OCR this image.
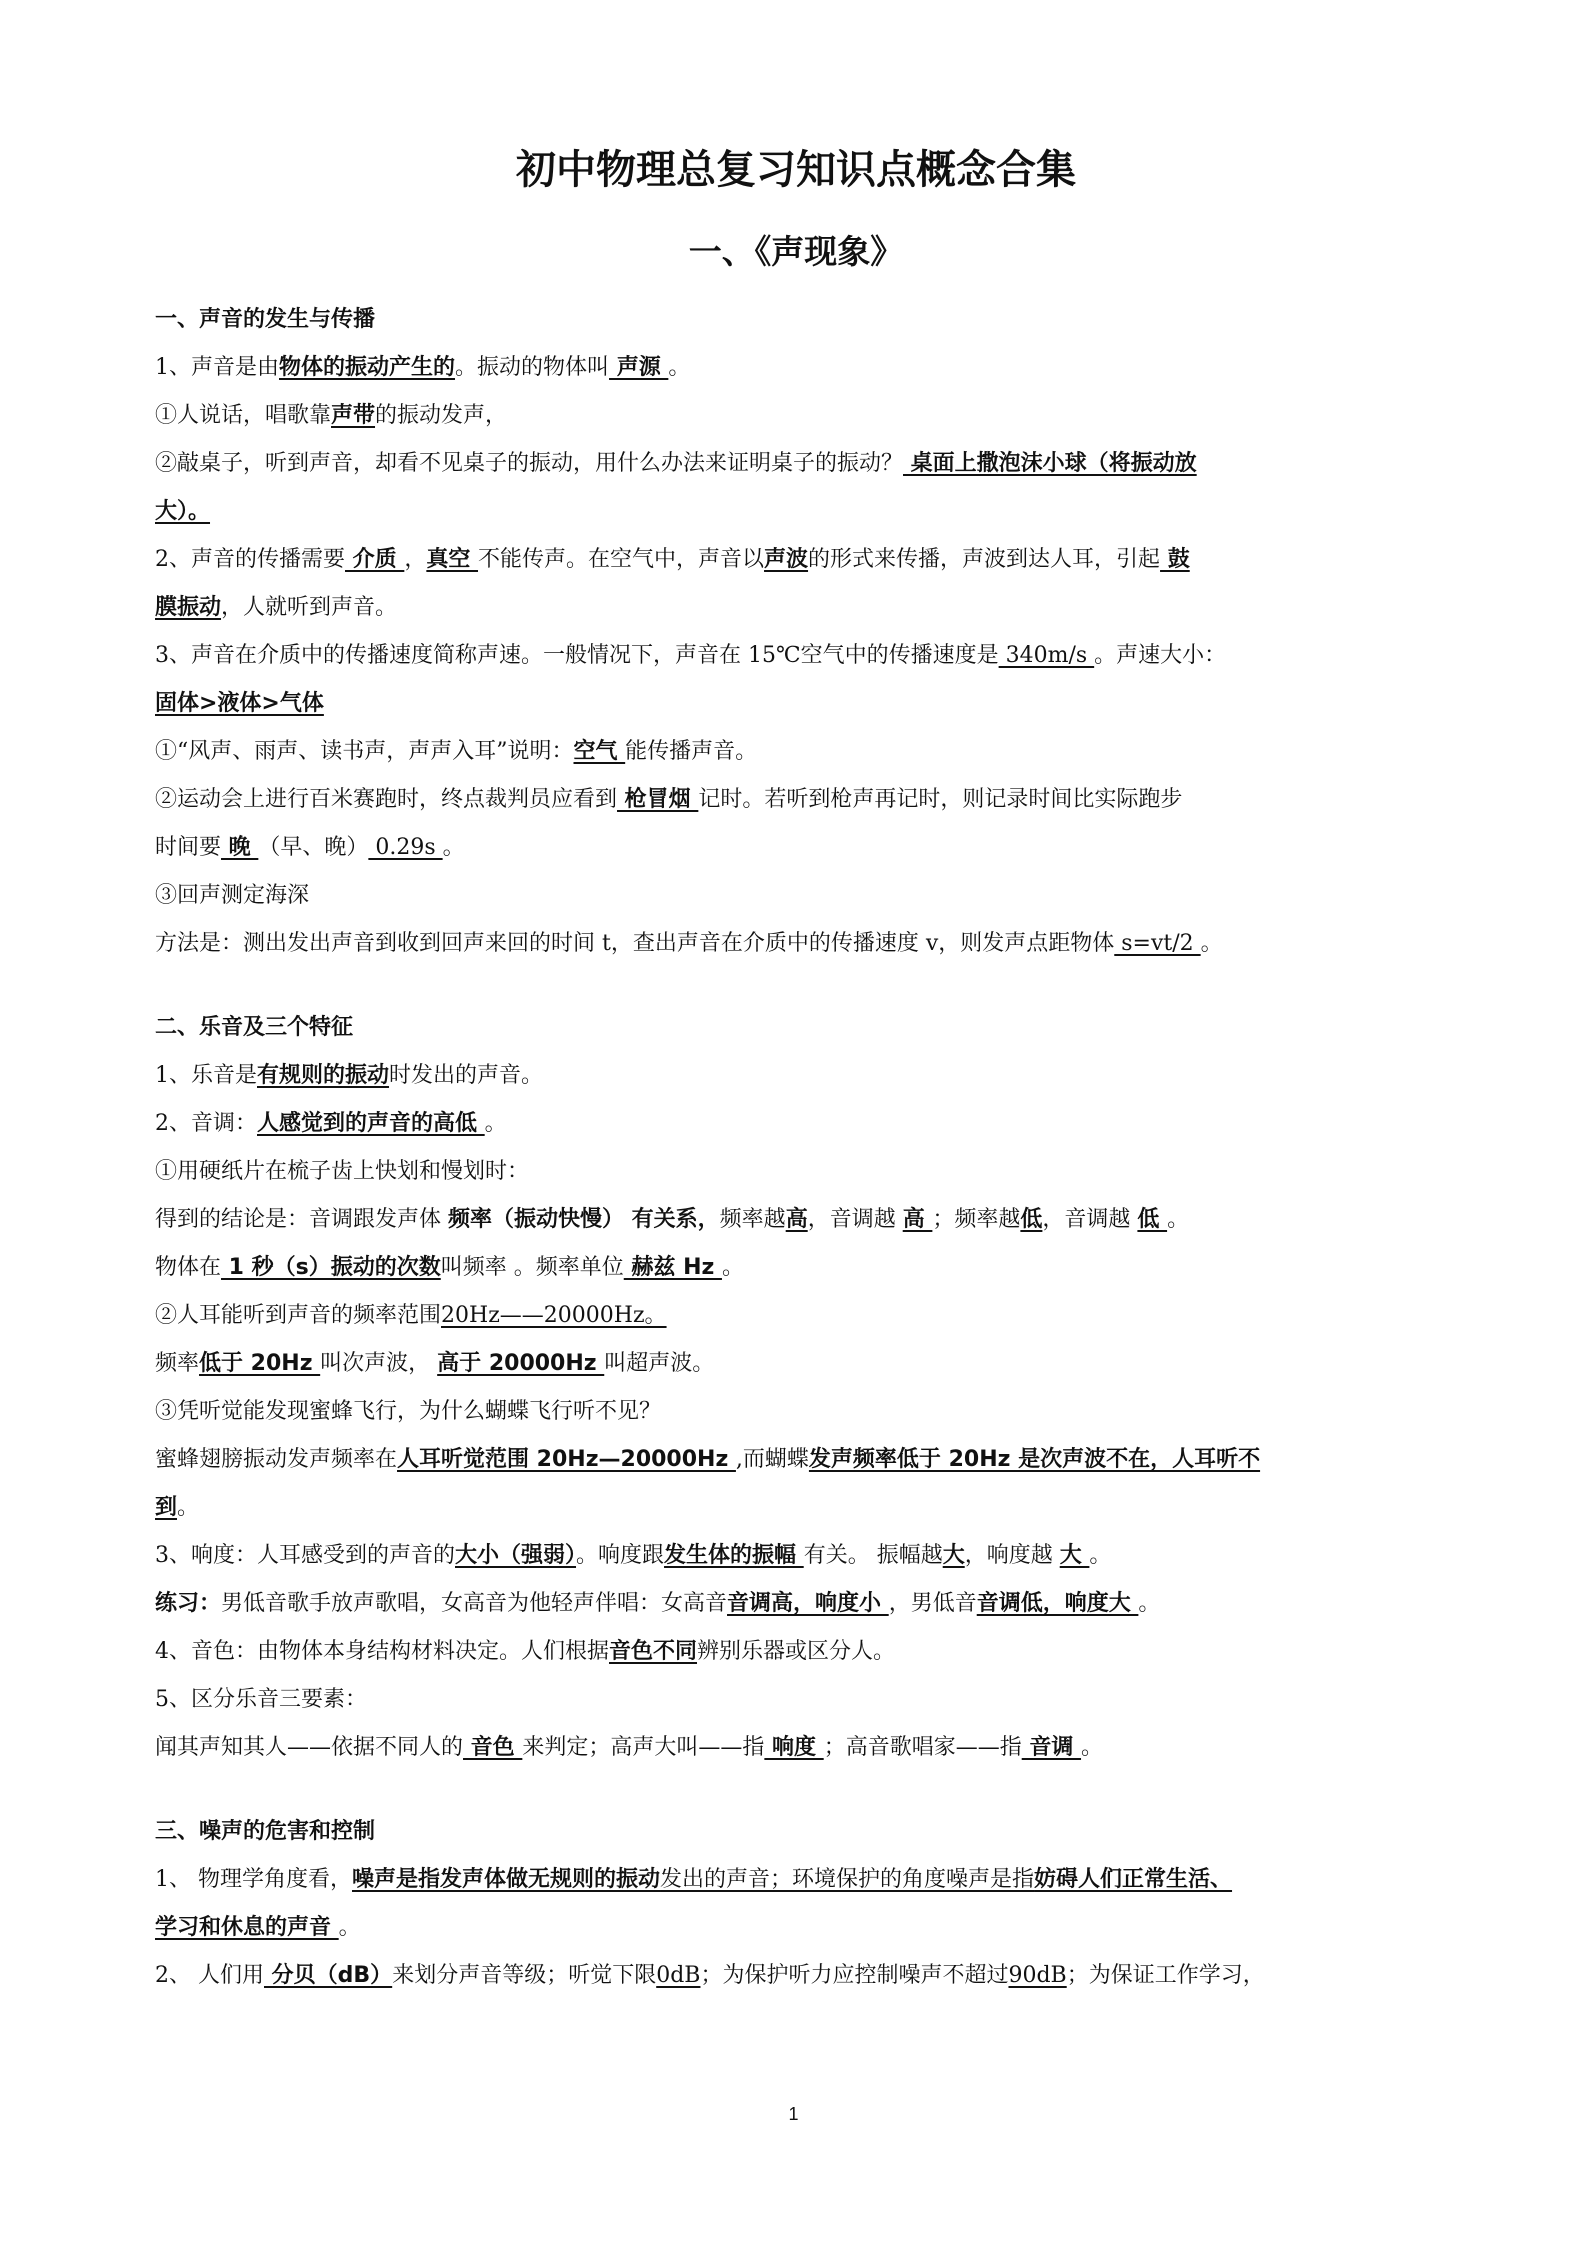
初中物理总复习知识点概念合集
一、《声现象》

一、声音的发生与传播

1、声音是由物体的振动产生的。振动的物体叫 声源 。

①人说话，唱歌靠声带的振动发声，

②敲桌子，听到声音，却看不见桌子的振动，用什么办法来证明桌子的振动？ 桌面上撒泡沫小球（将振动放

大）。

2、声音的传播需要 介质 ，真空 不能传声。在空气中，声音以声波的形式来传播，声波到达人耳，引起 鼓

膜振动，人就听到声音。

3、声音在介质中的传播速度简称声速。一般情况下，声音在 15℃空气中的传播速度是 340m/s 。声速大小：

固体>液体>气体

①“风声、雨声、读书声，声声入耳”说明：空气 能传播声音。

②运动会上进行百米赛跑时，终点裁判员应看到 枪冒烟 记时。若听到枪声再记时，则记录时间比实际跑步

时间要 晚 （早、晚） 0.29s 。

③回声测定海深

方法是：测出发出声音到收到回声来回的时间 t，查出声音在介质中的传播速度 v，则发声点距物体 s=vt/2 。

二、乐音及三个特征

1、乐音是有规则的振动时发出的声音。

2、音调：人感觉到的声音的高低 。

①用硬纸片在梳子齿上快划和慢划时：

得到的结论是：音调跟发声体 频率（振动快慢） 有关系，频率越高，音调越 高 ；频率越低，音调越 低 。

物体在 1 秒（s）振动的次数叫频率 。频率单位 赫兹 Hz 。

②人耳能听到声音的频率范围20Hz——20000Hz。

频率低于 20Hz 叫次声波， 高于 20000Hz 叫超声波。

③凭听觉能发现蜜蜂飞行，为什么蝴蝶飞行听不见？

蜜蜂翅膀振动发声频率在人耳听觉范围 20Hz—20000Hz ,而蝴蝶发声频率低于 20Hz 是次声波不在，人耳听不

到。

3、响度：人耳感受到的声音的大小（强弱）。响度跟发生体的振幅 有关。 振幅越大，响度越 大 。

练习：男低音歌手放声歌唱，女高音为他轻声伴唱：女高音音调高，响度小 ，男低音音调低，响度大 。

4、音色：由物体本身结构材料决定。人们根据音色不同辨别乐器或区分人。

5、区分乐音三要素：

闻其声知其人——依据不同人的 音色 来判定；高声大叫——指 响度 ；高音歌唱家——指 音调 。

三、噪声的危害和控制

1、 物理学角度看，噪声是指发声体做无规则的振动发出的声音；环境保护的角度噪声是指妨碍人们正常生活、

学习和休息的声音 。

2、 人们用 分贝（dB）来划分声音等级；听觉下限0dB；为保护听力应控制噪声不超过90dB；为保证工作学习，

1
